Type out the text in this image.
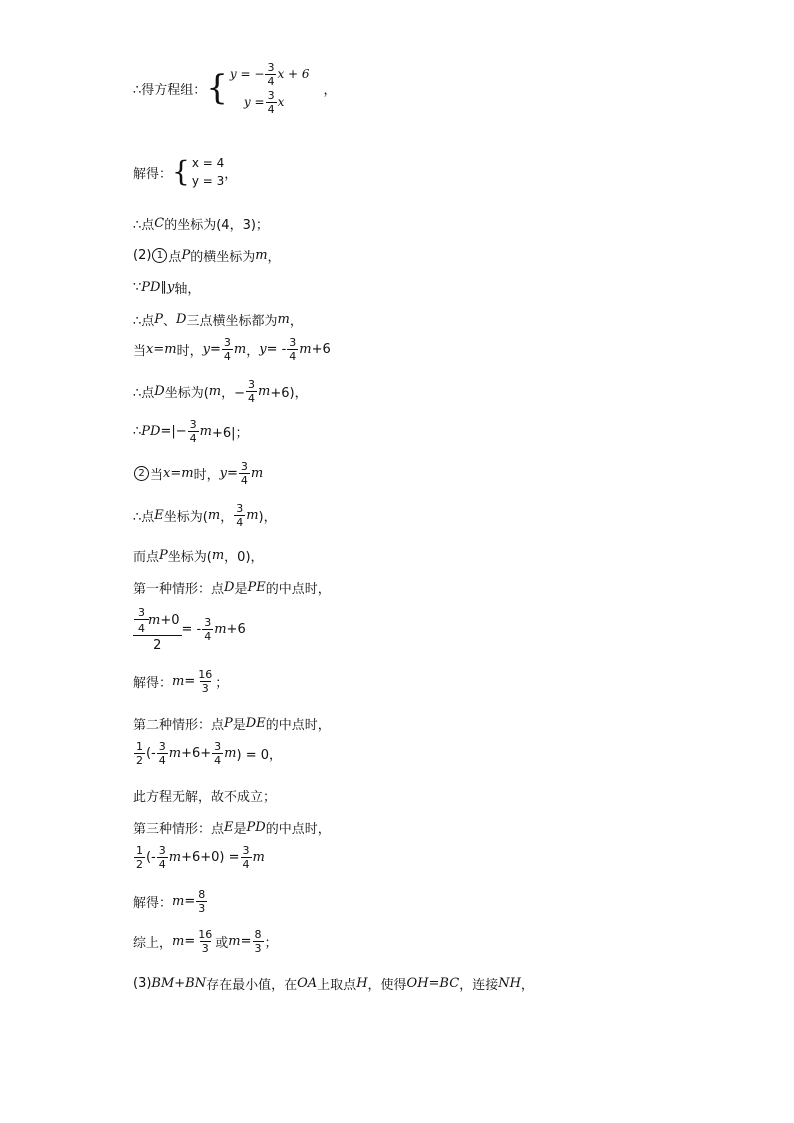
∴得方程组： { y = − $\frac{3}{4}$ x + 6
$y = \frac{3}{4}$ x
，
解得： { x = 4
y = 3 ，
∴点 C 的坐标为(4，3)；
(2) 1 点 P 的横坐标为 m ，
∵ PD ∥ y 轴，
∴点 P 、 D 三点横坐标都为 m ，
当 x=m 时， $y = \frac{3}{4}$ m ， y = - $\frac{3}{4}$ m +6
∴点 D 坐标为( m ，− $\frac{3}{4}$ m +6)，
∴ PD =|− $\frac{3}{4}$ m +6|；
2 当 x=m 时， $y = \frac{3}{4}$ m
∴点 E 坐标为( m ， $\frac{3}{4}$ m )，
而点 P 坐标为( m ，0)，
第一种情形：点 D 是 PE 的中点时，
$\frac{\frac{3}{4} m +0}{2}$ = - $\frac{3}{4}$ m +6
解得： $m = \frac{16}{3}$ ；
第二种情形：点 P 是 DE 的中点时，
$\frac{1}{2}$ (- $\frac{3}{4}$ $m +6+ \frac{3}{4}$ m ) = 0，
此方程无解，故不成立；
第三种情形：点 E 是 PD 的中点时，
$\frac{1}{2}$ (- $\frac{3}{4}$ $m +6+0) = \frac{3}{4}$ m
解得： $m = \frac{8}{3}$
综上， $m = \frac{16}{3}$ 或 $m = \frac{8}{3}$ ；
(3) BM+BN 存在最小值，在 OA 上取点 H ，使得 OH=BC ，连接 NH ，
